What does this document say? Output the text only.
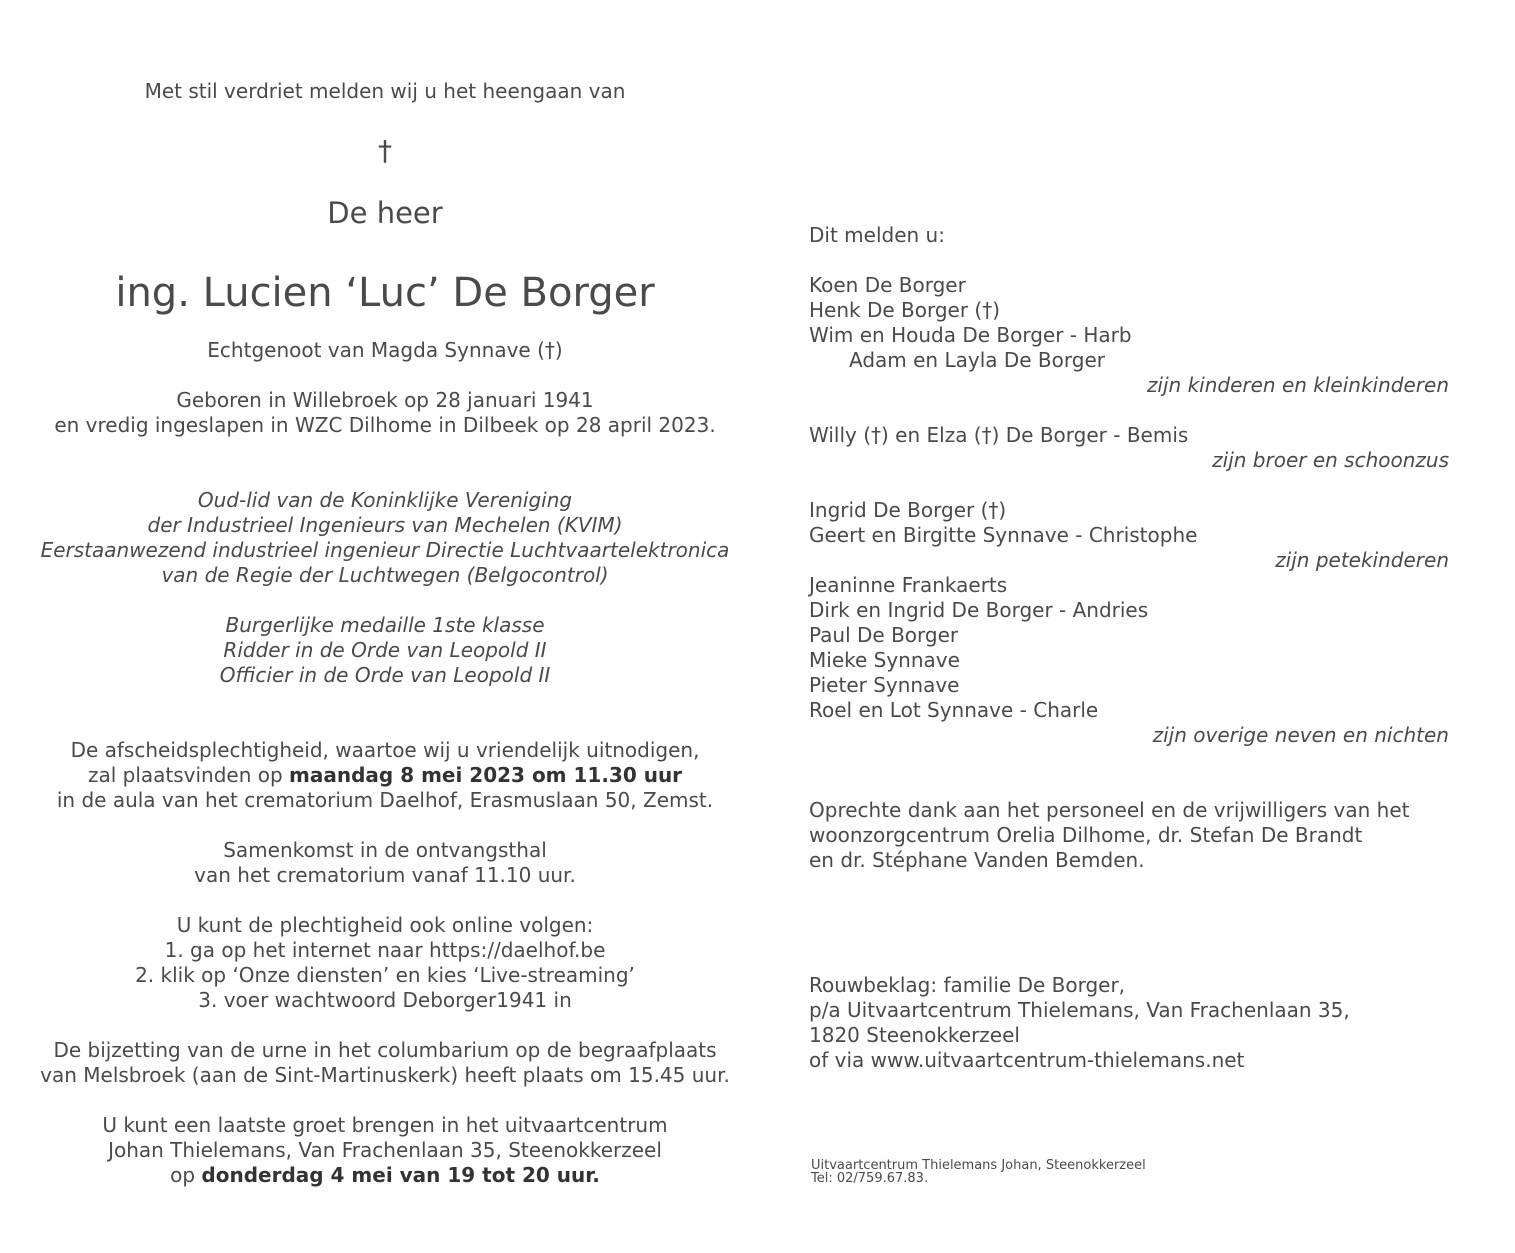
Met stil verdriet melden wij u het heengaan van
†
De heer
ing. Lucien ‘Luc’ De Borger
Echtgenoot van Magda Synnave (†)
Geboren in Willebroek op 28 januari 1941
en vredig ingeslapen in WZC Dilhome in Dilbeek op 28 april 2023.
Oud-lid van de Koninklijke Vereniging
der Industrieel Ingenieurs van Mechelen (KVIM)
Eerstaanwezend industrieel ingenieur Directie Luchtvaartelektronica
van de Regie der Luchtwegen (Belgocontrol)
Burgerlijke medaille 1ste klasse
Ridder in de Orde van Leopold II
Officier in de Orde van Leopold II
De afscheidsplechtigheid, waartoe wij u vriendelijk uitnodigen,
zal plaatsvinden op maandag 8 mei 2023 om 11.30 uur
in de aula van het crematorium Daelhof, Erasmuslaan 50, Zemst.
Samenkomst in de ontvangsthal
van het crematorium vanaf 11.10 uur.
U kunt de plechtigheid ook online volgen:
1. ga op het internet naar https://daelhof.be
2. klik op ‘Onze diensten’ en kies ‘Live-streaming’
3. voer wachtwoord Deborger1941 in
De bijzetting van de urne in het columbarium op de begraafplaats
van Melsbroek (aan de Sint-Martinuskerk) heeft plaats om 15.45 uur.
U kunt een laatste groet brengen in het uitvaartcentrum
Johan Thielemans, Van Frachenlaan 35, Steenokkerzeel
op donderdag 4 mei van 19 tot 20 uur.
Dit melden u:
Koen De Borger
Henk De Borger (†)
Wim en Houda De Borger - Harb
Adam en Layla De Borger
zijn kinderen en kleinkinderen
Willy (†) en Elza (†) De Borger - Bemis
zijn broer en schoonzus
Ingrid De Borger (†)
Geert en Birgitte Synnave - Christophe
zijn petekinderen
Jeaninne Frankaerts
Dirk en Ingrid De Borger - Andries
Paul De Borger
Mieke Synnave
Pieter Synnave
Roel en Lot Synnave - Charle
zijn overige neven en nichten
Oprechte dank aan het personeel en de vrijwilligers van het
woonzorgcentrum Orelia Dilhome, dr. Stefan De Brandt
en dr. Stéphane Vanden Bemden.
Rouwbeklag: familie De Borger,
p/a Uitvaartcentrum Thielemans, Van Frachenlaan 35,
1820 Steenokkerzeel
of via www.uitvaartcentrum-thielemans.net
Uitvaartcentrum Thielemans Johan, Steenokkerzeel
Tel: 02/759.67.83.
